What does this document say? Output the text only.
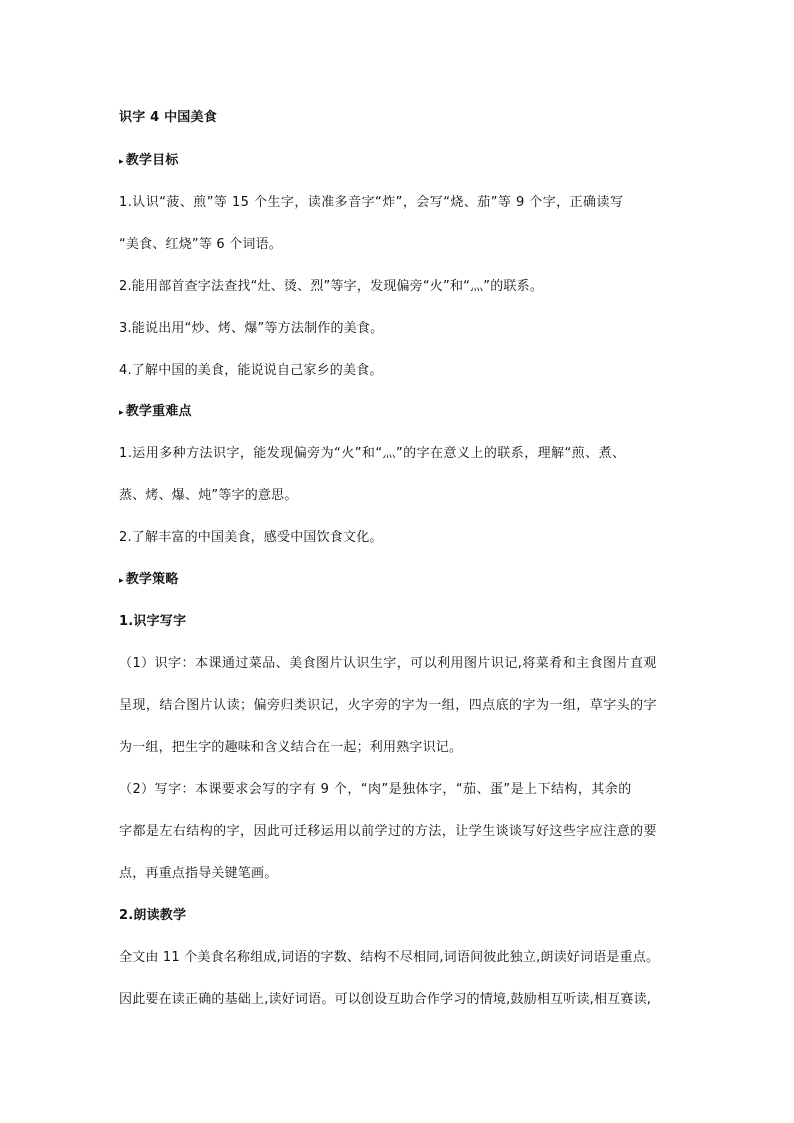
识字 4 中国美食
▸ 教学目标
1.认识“菠、煎”等 15 个生字，读准多音字“炸”，会写“烧、茄”等 9 个字，正确读写
“美食、红烧”等 6 个词语。
2.能用部首查字法查找“灶、烫、烈”等字，发现偏旁“火”和“灬”的联系。
3.能说出用“炒、烤、爆”等方法制作的美食。
4.了解中国的美食，能说说自己家乡的美食。
▸ 教学重难点
1.运用多种方法识字，能发现偏旁为“火”和“灬”的字在意义上的联系，理解“煎、煮、
蒸、烤、爆、炖”等字的意思。
2.了解丰富的中国美食，感受中国饮食文化。
▸ 教学策略
1.识字写字
（1）识字：本课通过菜品、美食图片认识生字，可以利用图片识记,将菜肴和主食图片直观
呈现，结合图片认读；偏旁归类识记，火字旁的字为一组，四点底的字为一组，草字头的字
为一组，把生字的趣味和含义结合在一起；利用熟字识记。
（2）写字：本课要求会写的字有 9 个，“肉”是独体字，“茄、蛋”是上下结构，其余的
字都是左右结构的字，因此可迁移运用以前学过的方法，让学生谈谈写好这些字应注意的要
点，再重点指导关键笔画。
2.朗读教学
全文由 11 个美食名称组成,词语的字数、结构不尽相同,词语间彼此独立,朗读好词语是重点。
因此要在读正确的基础上,读好词语。可以创设互助合作学习的情境,鼓励相互听读,相互赛读,
